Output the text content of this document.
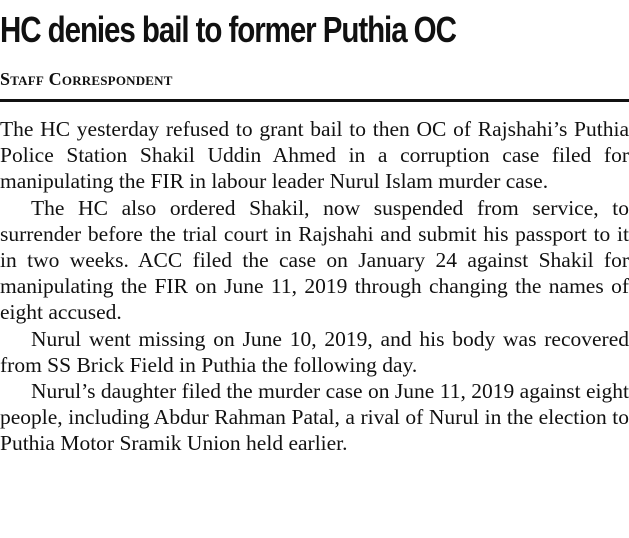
HC denies bail to former Puthia OC
Staff Correspondent

The HC yesterday refused to grant bail to then OC of Rajshahi’s Puthia Police Station Shakil Uddin Ahmed in a corruption case filed for manipulating the FIR in labour leader Nurul Islam murder case.

The HC also ordered Shakil, now suspended from service, to surrender before the trial court in Rajshahi and submit his passport to it in two weeks. ACC filed the case on January 24 against Shakil for manipulating the FIR on June 11, 2019 through changing the names of eight accused.

Nurul went missing on June 10, 2019, and his body was recovered from SS Brick Field in Puthia the following day.

Nurul’s daughter filed the murder case on June 11, 2019 against eight people, including Abdur Rahman Patal, a rival of Nurul in the election to Puthia Motor Sramik Union held earlier.
